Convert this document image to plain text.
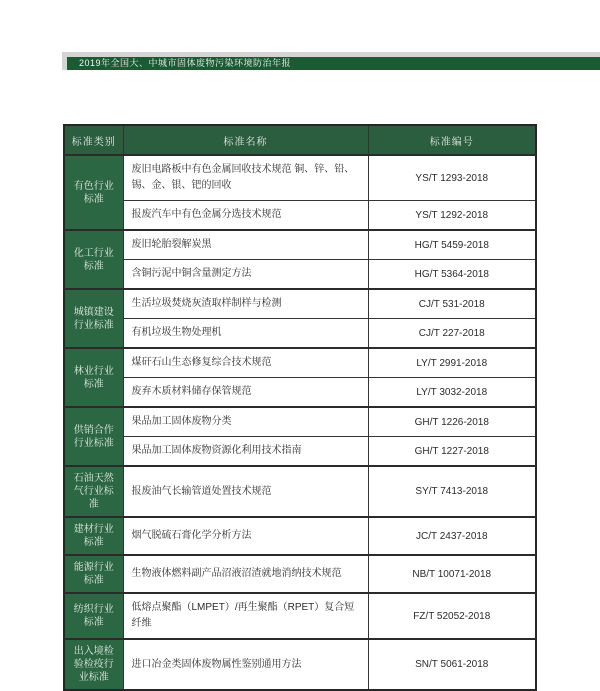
2019年全国大、中城市固体废物污染环境防治年报
标准类别	标准名称	标准编号
有色行业标准	废旧电路板中有色金属回收技术规范 铜、锌、铅、锡、金、银、钯的回收	YS/T 1293-2018
	报废汽车中有色金属分选技术规范	YS/T 1292-2018
化工行业标准	废旧轮胎裂解炭黑	HG/T 5459-2018
	含铜污泥中铜含量测定方法	HG/T 5364-2018
城镇建设行业标准	生活垃圾焚烧灰渣取样制样与检测	CJ/T 531-2018
	有机垃圾生物处理机	CJ/T 227-2018
林业行业标准	煤矸石山生态修复综合技术规范	LY/T 2991-2018
	废弃木质材料储存保管规范	LY/T 3032-2018
供销合作行业标准	果品加工固体废物分类	GH/T 1226-2018
	果品加工固体废物资源化利用技术指南	GH/T 1227-2018
石油天然气行业标准	报废油气长输管道处置技术规范	SY/T 7413-2018
建材行业标准	烟气脱硫石膏化学分析方法	JC/T 2437-2018
能源行业标准	生物液体燃料副产品沼液沼渣就地消纳技术规范	NB/T 10071-2018
纺织行业标准	低熔点聚酯（LMPET）/再生聚酯（RPET）复合短纤维	FZ/T 52052-2018
出入境检验检疫行业标准	进口冶金类固体废物属性鉴别通用方法	SN/T 5061-2018
